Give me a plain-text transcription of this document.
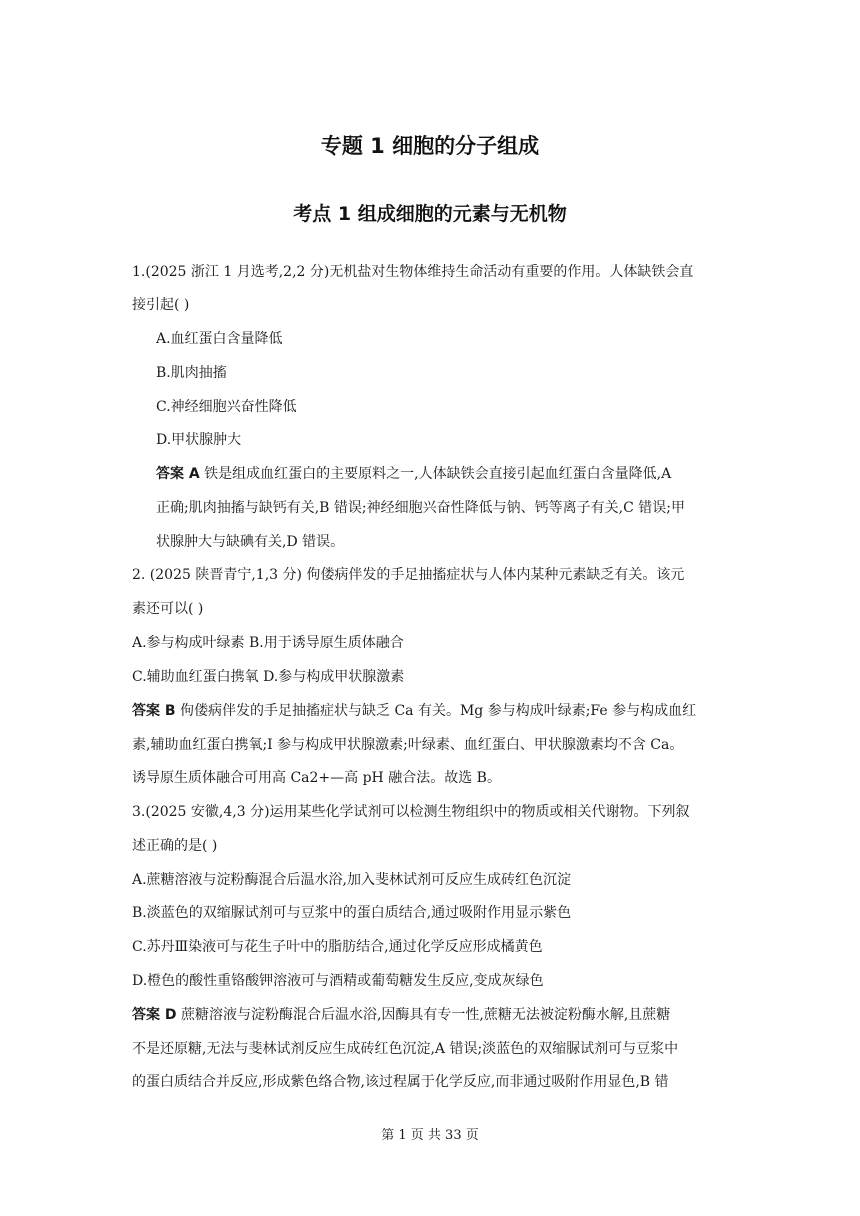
专题 1 细胞的分子组成
考点 1 组成细胞的元素与无机物
1.(2025 浙江 1 月选考,2,2 分)无机盐对生物体维持生命活动有重要的作用。人体缺铁会直
接引起( )
A.血红蛋白含量降低
B.肌肉抽搐
C.神经细胞兴奋性降低
D.甲状腺肿大
答案 A 铁是组成血红蛋白的主要原料之一,人体缺铁会直接引起血红蛋白含量降低,A
正确;肌肉抽搐与缺钙有关,B 错误;神经细胞兴奋性降低与钠、钙等离子有关,C 错误;甲
状腺肿大与缺碘有关,D 错误。
2. (2025 陕晋青宁,1,3 分) 佝偻病伴发的手足抽搐症状与人体内某种元素缺乏有关。该元
素还可以( )
A.参与构成叶绿素 B.用于诱导原生质体融合
C.辅助血红蛋白携氧 D.参与构成甲状腺激素
答案 B 佝偻病伴发的手足抽搐症状与缺乏 Ca 有关。Mg 参与构成叶绿素;Fe 参与构成血红
素,辅助血红蛋白携氧;I 参与构成甲状腺激素;叶绿素、血红蛋白、甲状腺激素均不含 Ca。
诱导原生质体融合可用高 Ca2+—高 pH 融合法。故选 B。
3.(2025 安徽,4,3 分)运用某些化学试剂可以检测生物组织中的物质或相关代谢物。下列叙
述正确的是( )
A.蔗糖溶液与淀粉酶混合后温水浴,加入斐林试剂可反应生成砖红色沉淀
B.淡蓝色的双缩脲试剂可与豆浆中的蛋白质结合,通过吸附作用显示紫色
C.苏丹Ⅲ染液可与花生子叶中的脂肪结合,通过化学反应形成橘黄色
D.橙色的酸性重铬酸钾溶液可与酒精或葡萄糖发生反应,变成灰绿色
答案 D 蔗糖溶液与淀粉酶混合后温水浴,因酶具有专一性,蔗糖无法被淀粉酶水解,且蔗糖
不是还原糖,无法与斐林试剂反应生成砖红色沉淀,A 错误;淡蓝色的双缩脲试剂可与豆浆中
的蛋白质结合并反应,形成紫色络合物,该过程属于化学反应,而非通过吸附作用显色,B 错
第 1 页 共 33 页
